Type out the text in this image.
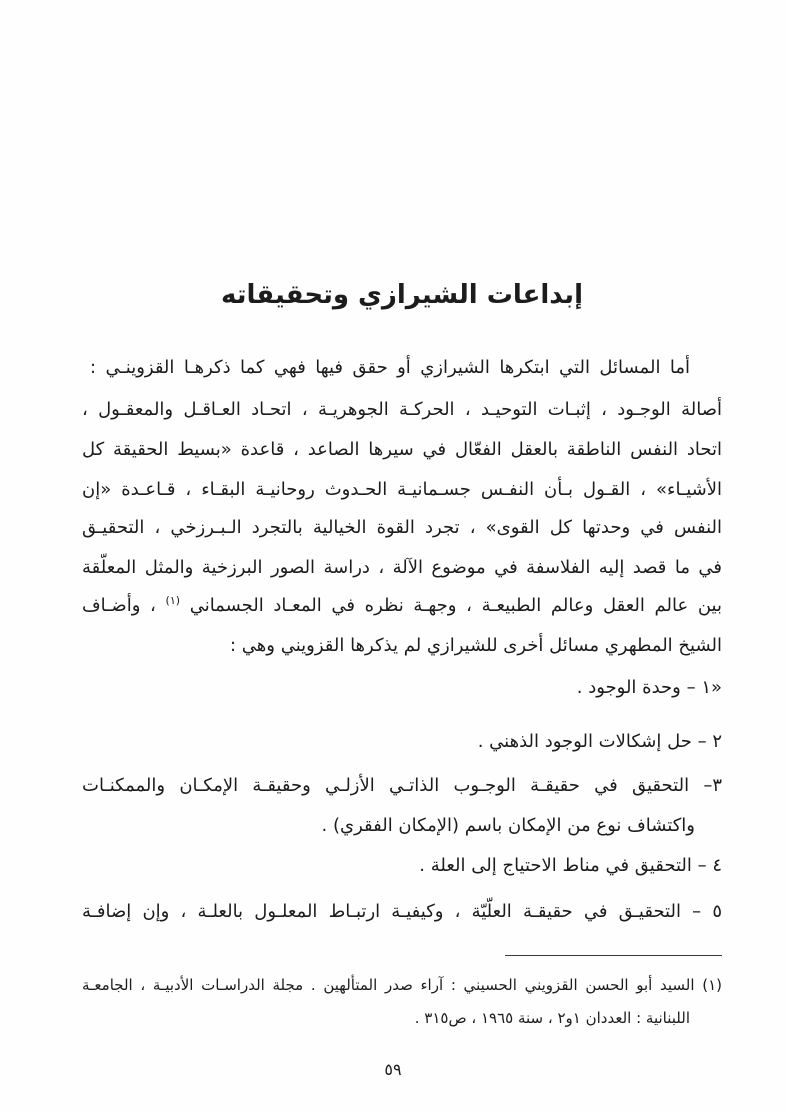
إبداعات الشيرازي وتحقيقاته
أما المسائل التي ابتكرها الشيرازي أو حقق فيها فهي كما ذكرهـا القزوينـي :
أصالة الوجـود ، إثبـات التوحيـد ، الحركـة الجوهريـة ، اتحـاد العـاقـل والمعقـول ،
اتحاد النفس الناطقة بالعقل الفعّال في سيرها الصاعد ، قاعدة «بسيط الحقيقة كل
الأشيـاء» ، القـول بـأن النفـس جسـمانيـة الحـدوث روحانيـة البقـاء ، قـاعـدة «إن
النفس في وحدتها كل القوى» ، تجرد القوة الخيالية بالتجرد الـبـرزخي ، التحقيـق
في ما قصد إليه الفلاسفة في موضوع الآلة ، دراسة الصور البرزخية والمثل المعلّقة
بين عالم العقل وعالم الطبيعـة ، وجهـة نظره في المعـاد الجسماني $^{(١)}$ ، وأضـاف
الشيخ المطهري مسائل أخرى للشيرازي لم يذكرها القزويني وهي :
«١ – وحدة الوجود .
٢ – حل إشكالات الوجود الذهني .
٣– التحقيق في حقيقـة الوجـوب الذاتـي الأزلـي وحقيقـة الإمكـان والممكنـات
واكتشاف نوع من الإمكان باسم (الإمكان الفقري) .
٤ – التحقيق في مناط الاحتياج إلى العلة .
٥ – التحقيـق في حقيقـة العلّيّة ، وكيفيـة ارتبـاط المعلـول بالعلـة ، وإن إضافـة
(١) السيد أبو الحسن القزويني الحسيني : آراء صدر المتألهين . مجلة الدراسـات الأدبيـة ، الجامعـة
اللبنانية : العددان ١و٢ ، سنة ١٩٦٥ ، ص٣١٥ .
٥٩
